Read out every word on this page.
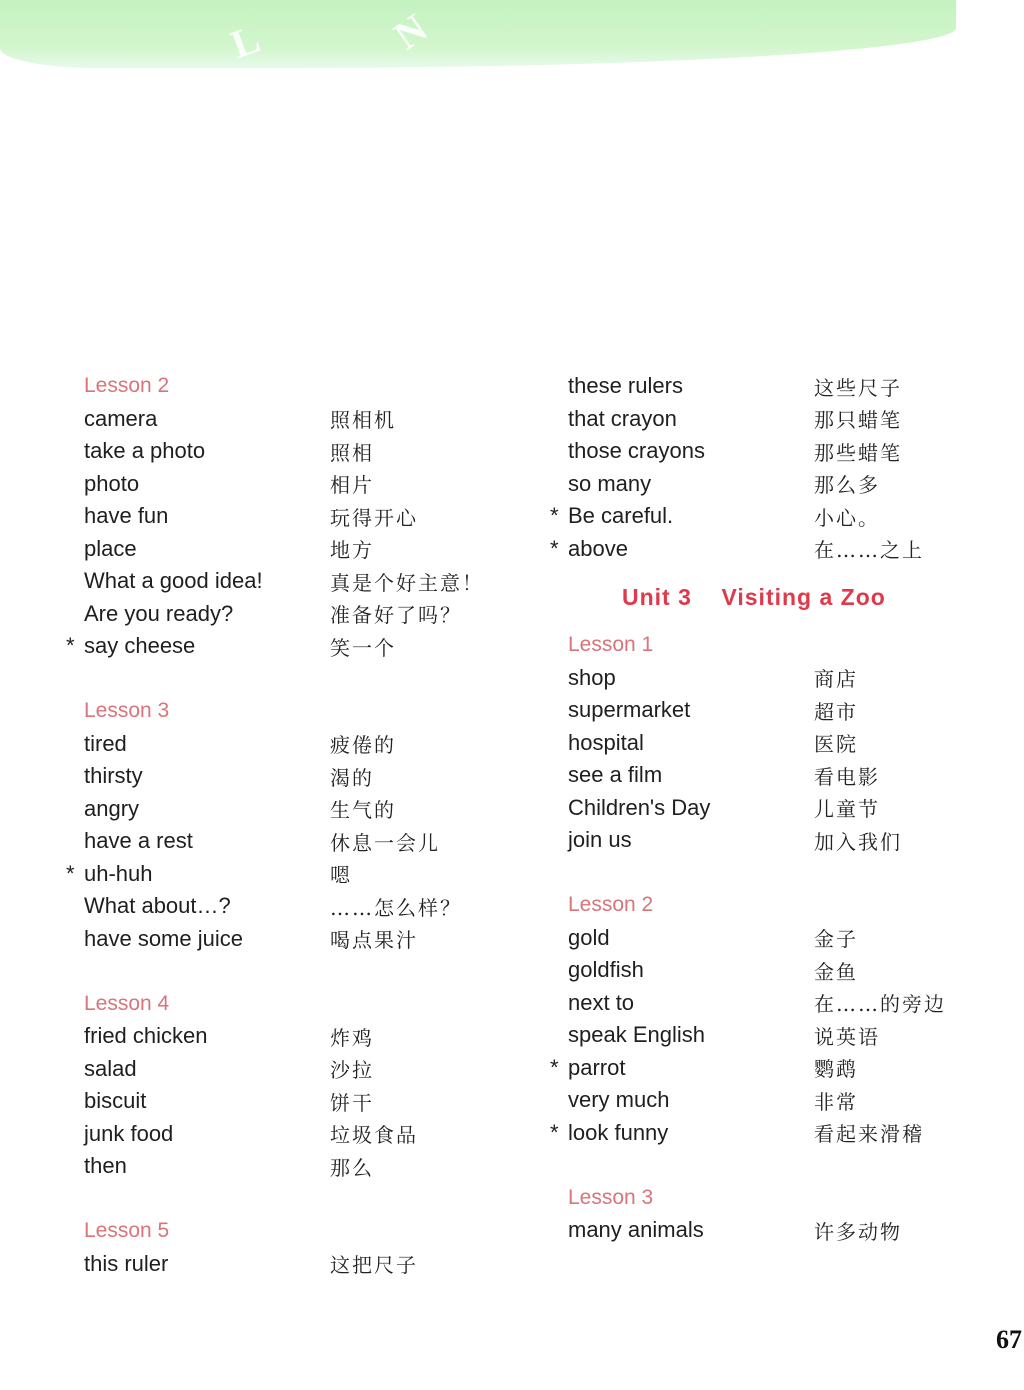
L	N
Lesson 2
camera	照相机
take a photo	照相
photo	相片
have fun	玩得开心
place	地方
What a good idea!	真是个好主意！
Are you ready?	准备好了吗？
* say cheese	笑一个
Lesson 3
tired	疲倦的
thirsty	渴的
angry	生气的
have a rest	休息一会儿
* uh-huh	嗯
What about…?	……怎么样？
have some juice	喝点果汁
Lesson 4
fried chicken	炸鸡
salad	沙拉
biscuit	饼干
junk food	垃圾食品
then	那么
Lesson 5
this ruler	这把尺子
these rulers	这些尺子
that crayon	那只蜡笔
those crayons	那些蜡笔
so many	那么多
* Be careful.	小心。
* above	在……之上
Unit 3    Visiting a Zoo
Lesson 1
shop	商店
supermarket	超市
hospital	医院
see a film	看电影
Children's Day	儿童节
join us	加入我们
Lesson 2
gold	金子
goldfish	金鱼
next to	在……的旁边
speak English	说英语
* parrot	鹦鹉
very much	非常
* look funny	看起来滑稽
Lesson 3
many animals	许多动物
67
